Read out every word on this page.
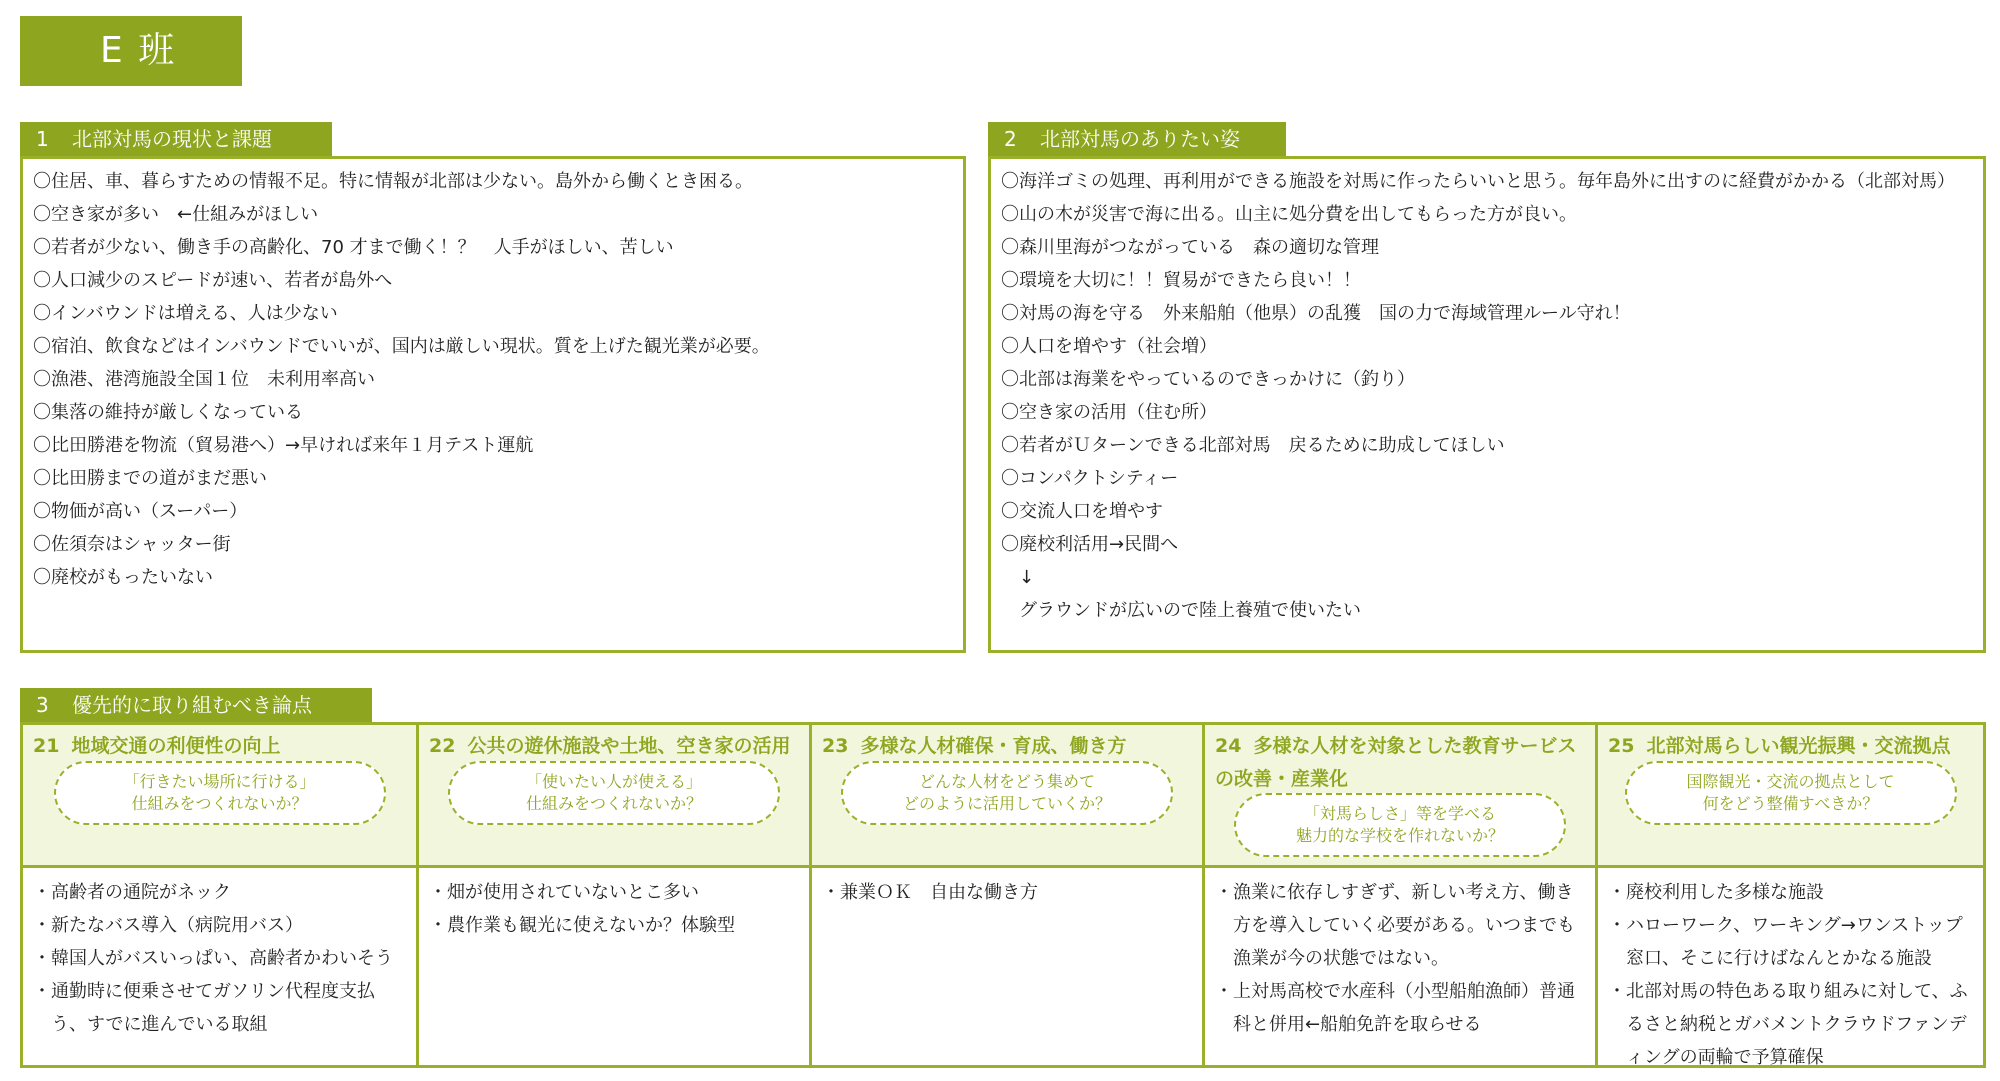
E 班
1 北部対馬の現状と課題
〇住居、車、暮らすための情報不足。特に情報が北部は少ない。島外から働くとき困る。
〇空き家が多い　←仕組みがほしい
〇若者が少ない、働き手の高齢化、70 才まで働く！？　人手がほしい、苦しい
〇人口減少のスピードが速い、若者が島外へ
〇インバウンドは増える、人は少ない
〇宿泊、飲食などはインバウンドでいいが、国内は厳しい現状。質を上げた観光業が必要。
〇漁港、港湾施設全国１位　未利用率高い
〇集落の維持が厳しくなっている
〇比田勝港を物流（貿易港へ）→早ければ来年１月テスト運航
〇比田勝までの道がまだ悪い
〇物価が高い（スーパー）
〇佐須奈はシャッター街
〇廃校がもったいない
2 北部対馬のありたい姿
〇海洋ゴミの処理、再利用ができる施設を対馬に作ったらいいと思う。毎年島外に出すのに経費がかかる（北部対馬）
〇山の木が災害で海に出る。山主に処分費を出してもらった方が良い。
〇森川里海がつながっている　森の適切な管理
〇環境を大切に！！貿易ができたら良い！！
〇対馬の海を守る　外来船舶（他県）の乱獲　国の力で海域管理ルール守れ！
〇人口を増やす（社会増）
〇北部は海業をやっているのできっかけに（釣り）
〇空き家の活用（住む所）
〇若者がＵターンできる北部対馬　戻るために助成してほしい
〇コンパクトシティー
〇交流人口を増やす
〇廃校利活用→民間へ
↓
グラウンドが広いので陸上養殖で使いたい
3 優先的に取り組むべき論点
21 地域交通の利便性の向上
「行きたい場所に行ける」
仕組みをつくれないか？
・高齢者の通院がネック
・新たなバス導入（病院用バス）
・韓国人がバスいっぱい、高齢者かわいそう
・通勤時に便乗させてガソリン代程度支払う、すでに進んでいる取組
22 公共の遊休施設や土地、空き家の活用
「使いたい人が使える」
仕組みをつくれないか？
・畑が使用されていないとこ多い
・農作業も観光に使えないか？体験型
23 多様な人材確保・育成、働き方
どんな人材をどう集めて
どのように活用していくか？
・兼業ＯＫ　自由な働き方
24 多様な人材を対象とした教育サービスの改善・産業化
「対馬らしさ」等を学べる
魅力的な学校を作れないか？
・漁業に依存しすぎず、新しい考え方、働き方を導入していく必要がある。いつまでも漁業が今の状態ではない。
・上対馬高校で水産科（小型船舶漁師）普通科と併用←船舶免許を取らせる
25 北部対馬らしい観光振興・交流拠点
国際観光・交流の拠点として
何をどう整備すべきか？
・廃校利用した多様な施設
・ハローワーク、ワーキング→ワンストップ窓口、そこに行けばなんとかなる施設
・北部対馬の特色ある取り組みに対して、ふるさと納税とガバメントクラウドファンディングの両輪で予算確保
